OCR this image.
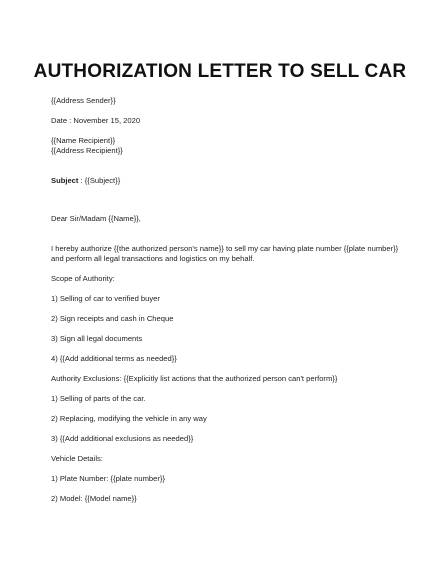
AUTHORIZATION LETTER TO SELL CAR
{{Address Sender}}
Date : November 15, 2020
{{Name Recipient}}
{{Address Recipient}}
Subject : {{Subject}}
Dear Sir/Madam {{Name}},
I hereby authorize {{the authorized person's name}} to sell my car having plate number {{plate number}}
and perform all legal transactions and logistics on my behalf.
Scope of Authority:
1) Selling of car to verified buyer
2) Sign receipts and cash in Cheque
3) Sign all legal documents
4) {{Add additional terms as needed}}
Authority Exclusions: {{Explicitly list actions that the authorized person can't perform}}
1) Selling of parts of the car.
2) Replacing, modifying the vehicle in any way
3) {{Add additional exclusions as needed}}
Vehicle Details:
1) Plate Number: {{plate number}}
2) Model: {{Model name}}
